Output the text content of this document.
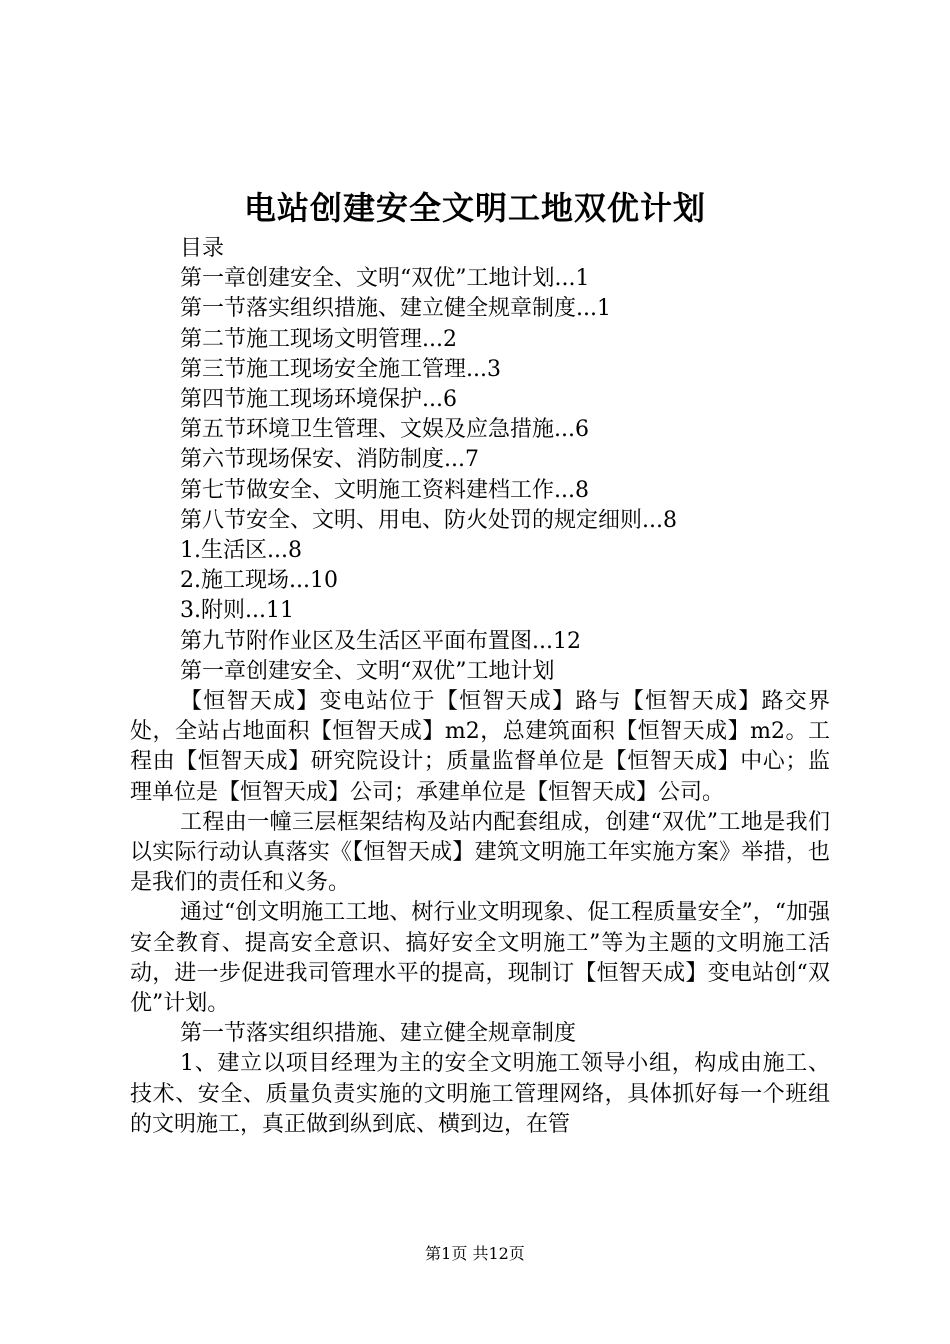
电站创建安全文明工地双优计划
目录
第一章创建安全、文明“双优”工地计划...1
第一节落实组织措施、建立健全规章制度...1
第二节施工现场文明管理...2
第三节施工现场安全施工管理...3
第四节施工现场环境保护...6
第五节环境卫生管理、文娱及应急措施...6
第六节现场保安、消防制度...7
第七节做安全、文明施工资料建档工作...8
第八节安全、文明、用电、防火处罚的规定细则...8
1.生活区...8
2.施工现场...10
3.附则...11
第九节附作业区及生活区平面布置图...12
第一章创建安全、文明“双优”工地计划

【恒智天成】变电站位于【恒智天成】路与【恒智天成】路交界处，全站占地面积【恒智天成】m2，总建筑面积【恒智天成】m2。工程由【恒智天成】研究院设计；质量监督单位是【恒智天成】中心；监理单位是【恒智天成】公司；承建单位是【恒智天成】公司。

工程由一幢三层框架结构及站内配套组成，创建“双优”工地是我们以实际行动认真落实《【恒智天成】建筑文明施工年实施方案》举措，也是我们的责任和义务。

通过“创文明施工工地、树行业文明现象、促工程质量安全”，“加强安全教育、提高安全意识、搞好安全文明施工”等为主题的文明施工活动，进一步促进我司管理水平的提高，现制订【恒智天成】变电站创“双优”计划。

第一节落实组织措施、建立健全规章制度

1、建立以项目经理为主的安全文明施工领导小组，构成由施工、技术、安全、质量负责实施的文明施工管理网络，具体抓好每一个班组的文明施工，真正做到纵到底、横到边，在管

第1页 共12页
